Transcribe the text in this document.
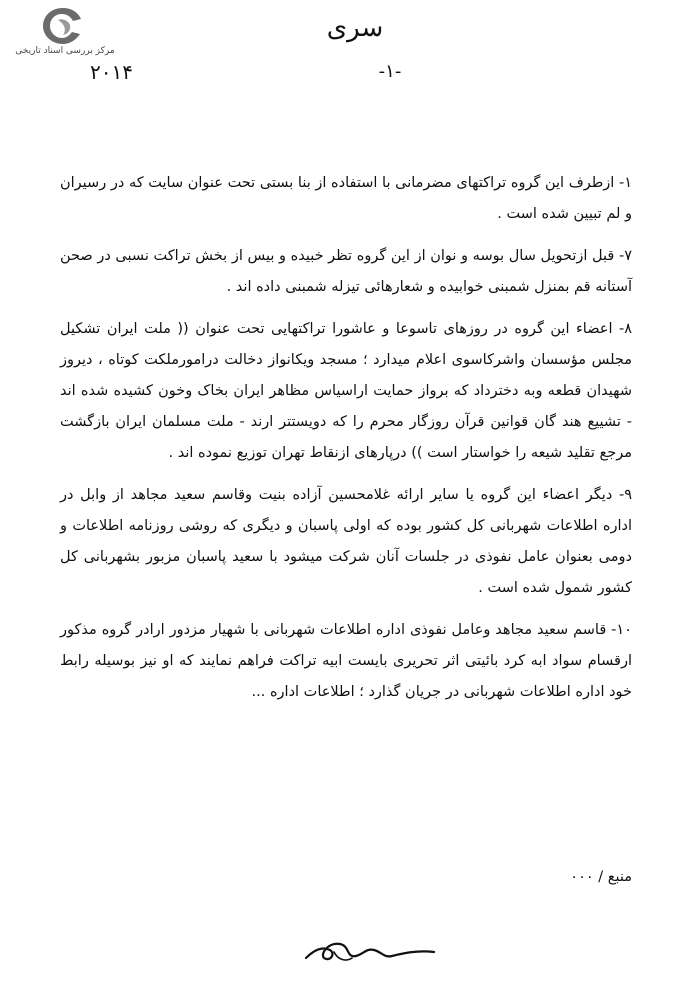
مرکز بررسی اسناد تاریخی
سری
-۱-
۲۰۱۴

۱- ازطرف این گروه تراکتهای مضرمانی با استفاده از بنا بستی تحت عنوان سایت که در رسیران و لم تبیین شده است .

۷- قبل ازتحویل سال بوسه و نوان از این گروه تظر خبیده و بیس از بخش تراکت نسبی در صحن آستانه قم بمنزل شمبنی خوابیده و شعارهائی تیزله شمبنی داده اند .

۸- اعضاء این گروه در روزهای تاسوعا و عاشورا تراکتهایی تحت عنوان (( ملت ایران تشکیل مجلس مؤسسان واشرکاسوی اعلام میدارد ؛ مسجد ویکانواز دخالت درامورملکت کوتاه ، دیروز شهیدان قطعه وبه دخترداد که برواز حمایت اراسیاس مظاهر ایران بخاک وخون کشیده شده اند - تشییع هند گان قوانین قرآن روزگار محرم را که دویستتر ارند - ملت مسلمان ایران بازگشت مرجع تقلید شیعه را خواستار است )) درپارهای ازنقاط تهران توزیع نموده اند .

۹- دیگر اعضاء این گروه یا سایر ارائه غلامحسین آزاده بنیت وقاسم سعید مجاهد از وابل در اداره اطلاعات شهربانی کل کشور بوده که اولی پاسبان و دیگری که روشی روزنامه اطلاعات و دومی بعنوان عامل نفوذی در جلسات آنان شرکت میشود با سعید پاسبان مزبور بشهربانی کل کشور شمول شده است .

۱۰- قاسم سعید مجاهد وعامل نفوذی اداره اطلاعات شهربانی با شهیار مزدور ارادر گروه مذکور ارقسام سواد ابه کرد بائیتی اثر تحریری بایست ابیه تراکت فراهم نمایند که او نیز بوسیله رابط خود اداره اطلاعات شهربانی در جریان گذارد ؛ اطلاعات اداره ...

منبع / ۰۰۰
